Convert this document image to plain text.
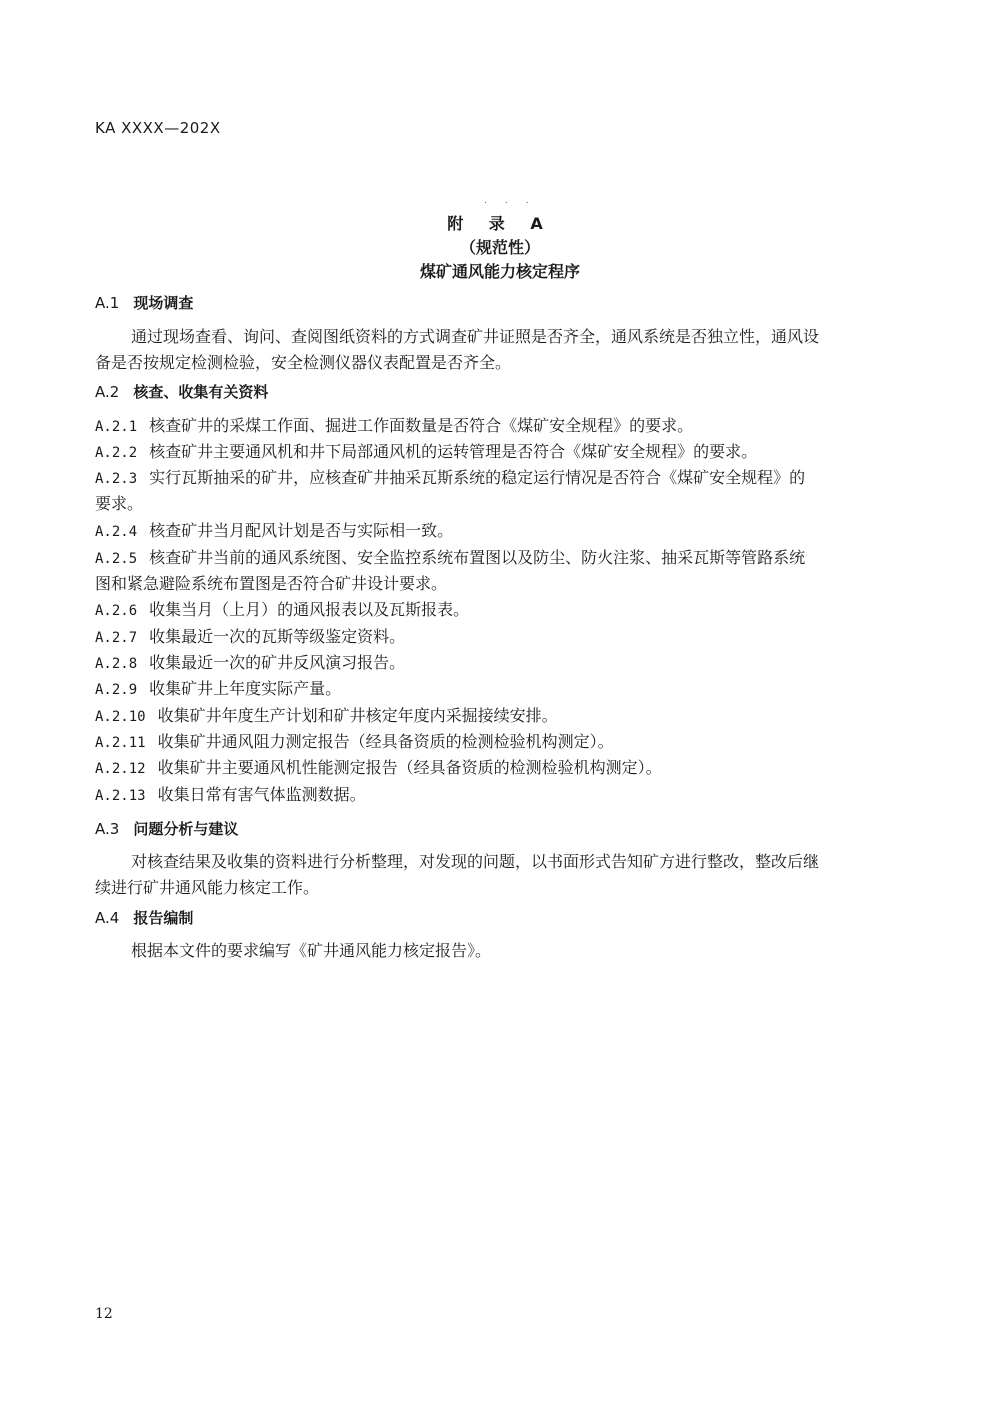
KA XXXX—202X
...
附 录 A
（规范性）
煤矿通风能力核定程序
A.1 现场调查
通过现场查看、询问、查阅图纸资料的方式调查矿井证照是否齐全，通风系统是否独立性，通风设
备是否按规定检测检验，安全检测仪器仪表配置是否齐全。
A.2 核查、收集有关资料
A.2.1 核查矿井的采煤工作面、掘进工作面数量是否符合《煤矿安全规程》的要求。
A.2.2 核查矿井主要通风机和井下局部通风机的运转管理是否符合《煤矿安全规程》的要求。
A.2.3 实行瓦斯抽采的矿井，应核查矿井抽采瓦斯系统的稳定运行情况是否符合《煤矿安全规程》的
要求。
A.2.4 核查矿井当月配风计划是否与实际相一致。
A.2.5 核查矿井当前的通风系统图、安全监控系统布置图以及防尘、防火注浆、抽采瓦斯等管路系统
图和紧急避险系统布置图是否符合矿井设计要求。
A.2.6 收集当月（上月）的通风报表以及瓦斯报表。
A.2.7 收集最近一次的瓦斯等级鉴定资料。
A.2.8 收集最近一次的矿井反风演习报告。
A.2.9 收集矿井上年度实际产量。
A.2.10 收集矿井年度生产计划和矿井核定年度内采掘接续安排。
A.2.11 收集矿井通风阻力测定报告（经具备资质的检测检验机构测定）。
A.2.12 收集矿井主要通风机性能测定报告（经具备资质的检测检验机构测定）。
A.2.13 收集日常有害气体监测数据。
A.3 问题分析与建议
对核查结果及收集的资料进行分析整理，对发现的问题，以书面形式告知矿方进行整改，整改后继
续进行矿井通风能力核定工作。
A.4 报告编制
根据本文件的要求编写《矿井通风能力核定报告》。
12
